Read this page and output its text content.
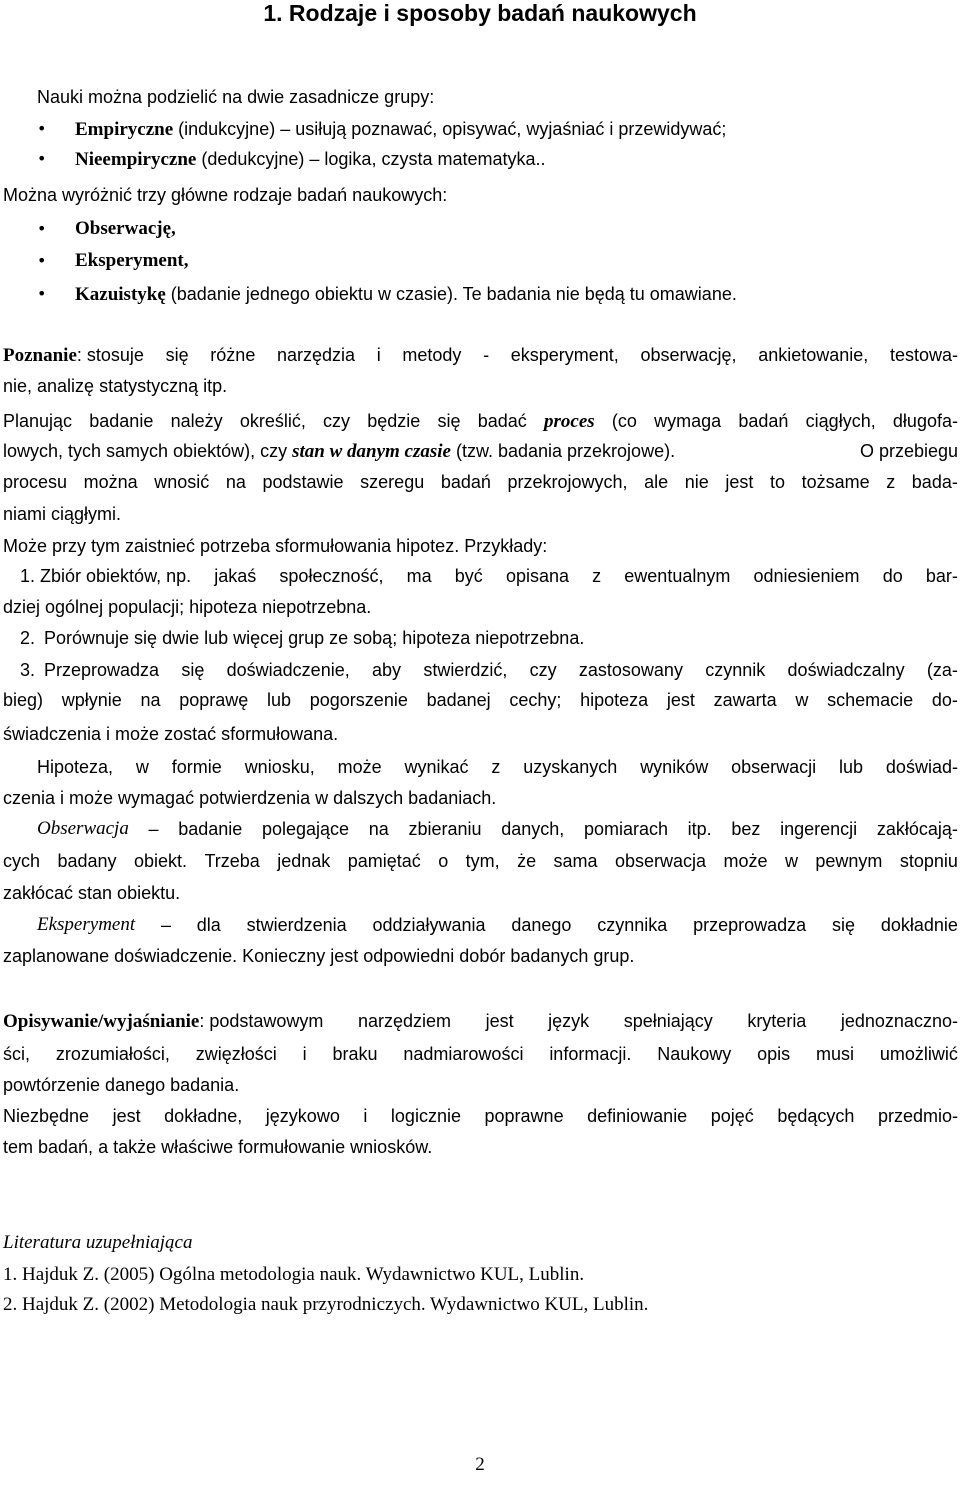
1. Rodzaje i sposoby badań naukowych
Nauki można podzielić na dwie zasadnicze grupy:
• Empiryczne (indukcyjne) – usiłują poznawać, opisywać, wyjaśniać i przewidywać;
• Nieempiryczne (dedukcyjne) – logika, czysta matematyka..
Można wyróżnić trzy główne rodzaje badań naukowych:
• Obserwację,
• Eksperyment,
• Kazuistykę (badanie jednego obiektu w czasie). Te badania nie będą tu omawiane.
Poznanie: stosuje się różne narzędzia i metody - eksperyment, obserwację, ankietowanie, testowa-
nie, analizę statystyczną itp.
Planując badanie należy określić, czy będzie się badać proces (co wymaga badań ciągłych, długofa-
lowych, tych samych obiektów), czy stan w danym czasie (tzw. badania przekrojowe).	O przebiegu
procesu można wnosić na podstawie szeregu badań przekrojowych, ale nie jest to tożsame z bada-
niami ciągłymi.
Może przy tym zaistnieć potrzeba sformułowania hipotez. Przykłady:
1. Zbiór obiektów, np. jakaś społeczność, ma być opisana z ewentualnym odniesieniem do bar-
dziej ogólnej populacji; hipoteza niepotrzebna.
2. Porównuje się dwie lub więcej grup ze sobą; hipoteza niepotrzebna.
3. Przeprowadza się doświadczenie, aby stwierdzić, czy zastosowany czynnik doświadczalny (za-
bieg) wpłynie na poprawę lub pogorszenie badanej cechy; hipoteza jest zawarta w schemacie do-
świadczenia i może zostać sformułowana.
Hipoteza, w formie wniosku, może wynikać z uzyskanych wyników obserwacji lub doświad-
czenia i może wymagać potwierdzenia w dalszych badaniach.
Obserwacja – badanie polegające na zbieraniu danych, pomiarach itp. bez ingerencji zakłócają-
cych badany obiekt. Trzeba jednak pamiętać o tym, że sama obserwacja może w pewnym stopniu
zakłócać stan obiektu.
Eksperyment – dla stwierdzenia oddziaływania danego czynnika przeprowadza się dokładnie
zaplanowane doświadczenie. Konieczny jest odpowiedni dobór badanych grup.
Opisywanie/wyjaśnianie: podstawowym narzędziem jest język spełniający kryteria jednoznaczno-
ści, zrozumiałości, zwięzłości i braku nadmiarowości informacji. Naukowy opis musi umożliwić
powtórzenie danego badania.
Niezbędne jest dokładne, językowo i logicznie poprawne definiowanie pojęć będących przedmio-
tem badań, a także właściwe formułowanie wniosków.
Literatura uzupełniająca
1. Hajduk Z. (2005) Ogólna metodologia nauk. Wydawnictwo KUL, Lublin.
2. Hajduk Z. (2002) Metodologia nauk przyrodniczych. Wydawnictwo KUL, Lublin.
2
